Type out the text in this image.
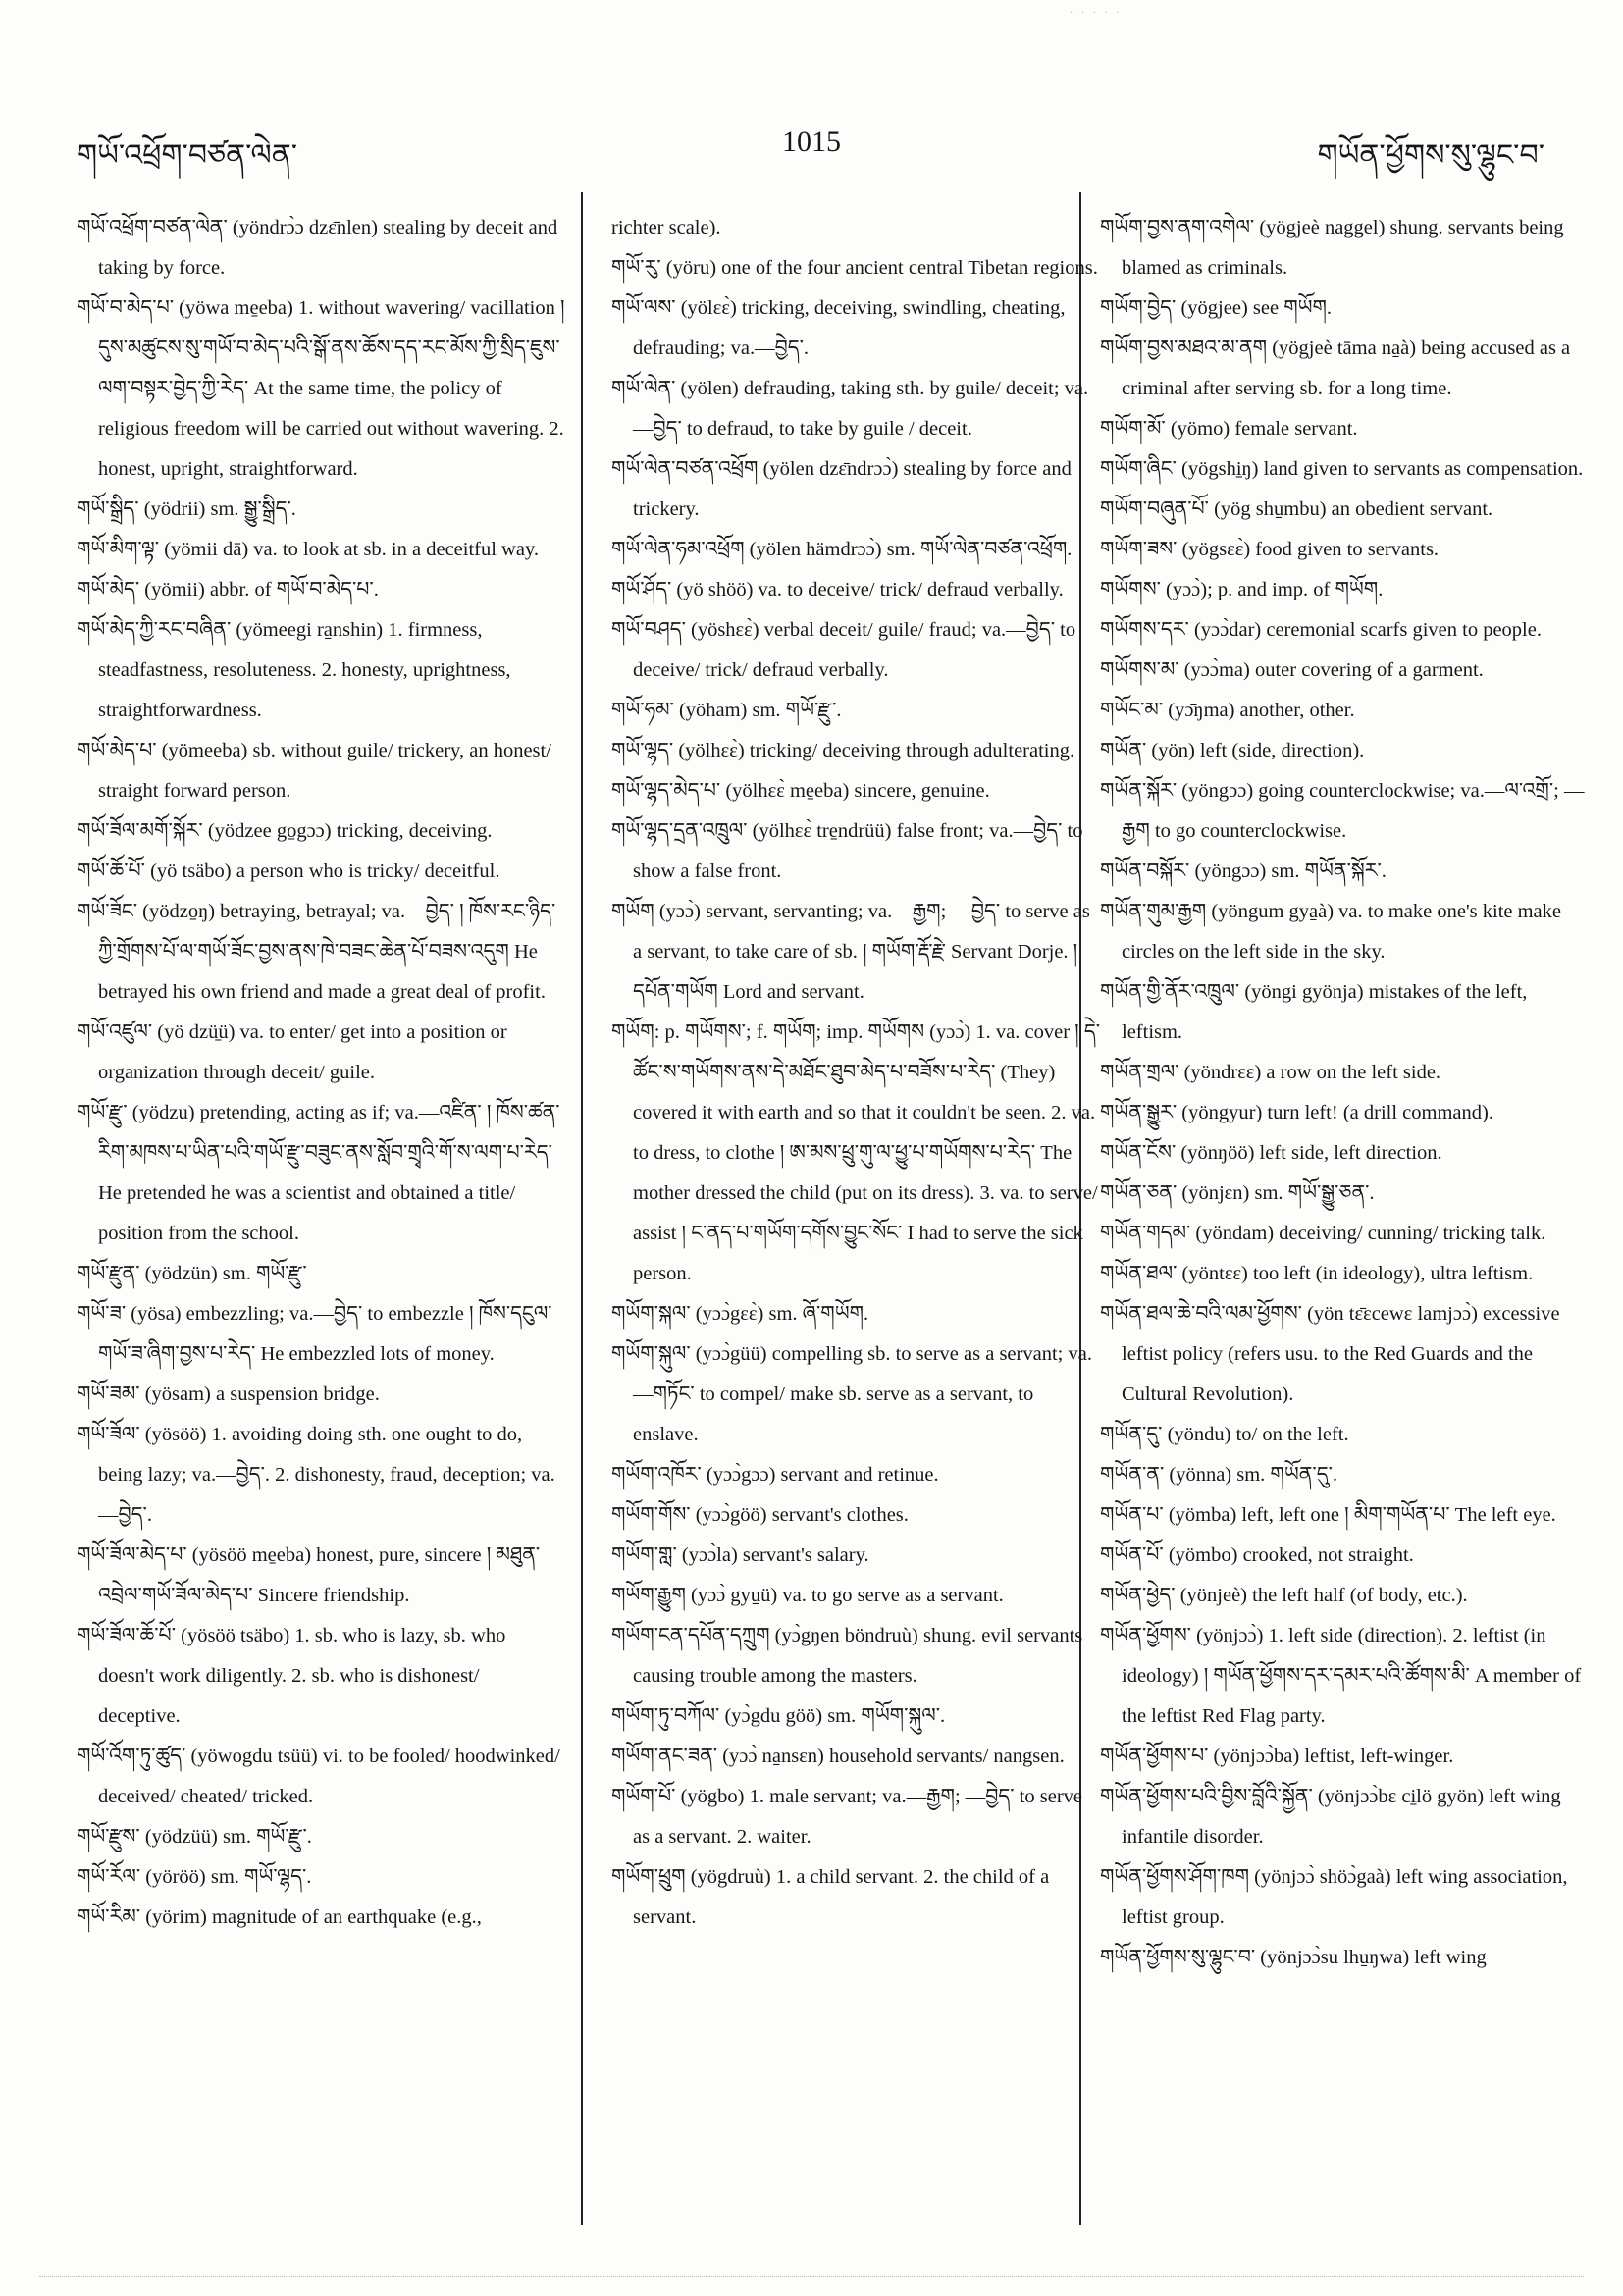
· · · · ·
གཡོ་འཕྲོག་བཙན་ལེན་	1015	གཡོན་ཕྱོགས་སུ་ལྷུང་བ་
གཡོ་འཕྲོག་བཙན་ལེན་ (yöndrɔ̀ɔ dzɛ̄nlen) stealing by deceit and taking by force.
གཡོ་བ་མེད་པ་ (yöwa me̱eba) 1. without wavering/ vacillation ། དུས་མཚུངས་སུ་གཡོ་བ་མེད་པའི་སྒོ་ནས་ཆོས་དད་རང་མོས་ཀྱི་སྲིད་ཇུས་ལག་བསྟར་བྱེད་ཀྱི་རེད་ At the same time, the policy of religious freedom will be carried out without wavering. 2. honest, upright, straightforward.
གཡོ་སྒྲིད་ (yödrii) sm. སྒྱུ་སྒྲིད་.
གཡོ་མིག་ལྟ་ (yömii dā) va. to look at sb. in a deceitful way.
གཡོ་མེད་ (yömii) abbr. of གཡོ་བ་མེད་པ་.
གཡོ་མེད་ཀྱི་རང་བཞིན་ (yömeegi ra̱nshin) 1. firmness, steadfastness, resoluteness. 2. honesty, uprightness, straightforwardness.
གཡོ་མེད་པ་ (yömeeba) sb. without guile/ trickery, an honest/ straight forward person.
གཡོ་ཟོལ་མགོ་སྐོར་ (yödzee go̱gɔɔ) tricking, deceiving.
གཡོ་ཆོ་པོ་ (yö tsäbo) a person who is tricky/ deceitful.
གཡོ་ཟོང་ (yödzo̱ŋ) betraying, betrayal; va.—བྱེད་ ། ཁོས་རང་ཉིད་ཀྱི་གྲོགས་པོ་ལ་གཡོ་ཟོང་བྱས་ནས་ཁེ་བཟང་ཆེན་པོ་བཟས་འདུག He betrayed his own friend and made a great deal of profit.
གཡོ་འཛུལ་ (yö dzü̱ü) va. to enter/ get into a position or organization through deceit/ guile.
གཡོ་རྫུ་ (yödzu) pretending, acting as if; va.—འཛིན་ ། ཁོས་ཚན་རིག་མཁས་པ་ཡིན་པའི་གཡོ་རྫུ་བཟུང་ནས་སློབ་གྲྭའི་གོ་ས་ལག་པ་རེད་ He pretended he was a scientist and obtained a title/ position from the school.
གཡོ་རྫུན་ (yödzün) sm. གཡོ་རྫུ་
གཡོ་ཟ་ (yösa) embezzling; va.—བྱེད་ to embezzle ། ཁོས་དངུལ་གཡོ་ཟ་ཞིག་བྱས་པ་རེད་ He embezzled lots of money.
གཡོ་ཟམ་ (yösam) a suspension bridge.
གཡོ་ཟོལ་ (yösöö) 1. avoiding doing sth. one ought to do, being lazy; va.—བྱེད་. 2. dishonesty, fraud, deception; va.—བྱེད་.
གཡོ་ཟོལ་མེད་པ་ (yösöö me̱eba) honest, pure, sincere ། མཐུན་འབྲེལ་གཡོ་ཟོལ་མེད་པ་ Sincere friendship.
གཡོ་ཟོལ་ཆོ་པོ་ (yösöö tsäbo) 1. sb. who is lazy, sb. who doesn't work diligently. 2. sb. who is dishonest/ deceptive.
གཡོ་འོག་ཏུ་ཚུད་ (yöwogdu tsüü) vi. to be fooled/ hoodwinked/ deceived/ cheated/ tricked.
གཡོ་རྫུས་ (yödzüü) sm. གཡོ་རྫུ་.
གཡོ་རོལ་ (yöröö) sm. གཡོ་ལྷད་.
གཡོ་རིམ་ (yörim) magnitude of an earthquake (e.g.,
richter scale).
གཡོ་རུ་ (yöru) one of the four ancient central Tibetan regions.
གཡོ་ལས་ (yölɛɛ̀) tricking, deceiving, swindling, cheating, defrauding; va.—བྱེད་.
གཡོ་ལེན་ (yölen) defrauding, taking sth. by guile/ deceit; va.—བྱེད་ to defraud, to take by guile / deceit.
གཡོ་ལེན་བཙན་འཕྲོག (yölen dzɛ̄ndrɔɔ̀) stealing by force and trickery.
གཡོ་ལེན་ཧམ་འཕྲོག (yölen hämdrɔɔ̀) sm. གཡོ་ལེན་བཙན་འཕྲོག.
གཡོ་ཤོད་ (yö shöö) va. to deceive/ trick/ defraud verbally.
གཡོ་བཤད་ (yöshɛɛ̀) verbal deceit/ guile/ fraud; va.—བྱེད་ to deceive/ trick/ defraud verbally.
གཡོ་ཧམ་ (yöham) sm. གཡོ་རྫུ་.
གཡོ་ལྷད་ (yölhɛɛ̀) tricking/ deceiving through adulterating.
གཡོ་ལྷད་མེད་པ་ (yölhɛɛ̀ me̱eba) sincere, genuine.
གཡོ་ལྷད་དྲན་འཁྲུལ་ (yölhɛɛ̀ tre̱ndrüü) false front; va.—བྱེད་ to show a false front.
གཡོག (yɔɔ̀) servant, servanting; va.—རྒྱག; —བྱེད་ to serve as a servant, to take care of sb. ། གཡོག་རྡོ་རྗེ་ Servant Dorje. ། དཔོན་གཡོག Lord and servant.
གཡོག: p. གཡོགས་; f. གཡོག; imp. གཡོགས (yɔɔ̀) 1. va. cover ། དེ་ཚོང་ས་གཡོགས་ནས་དེ་མཐོང་ཐུབ་མེད་པ་བཟོས་པ་རེད་ (They) covered it with earth and so that it couldn't be seen. 2. va. to dress, to clothe ། ཨ་མས་ཕྲུ་གུ་ལ་ཕྱུ་པ་གཡོགས་པ་རེད་ The mother dressed the child (put on its dress). 3. va. to serve/ assist ། ང་ནད་པ་གཡོག་དགོས་བྱུང་སོང་ I had to serve the sick person.
གཡོག་སྐལ་ (yɔɔ̀gɛɛ̀) sm. ཞོ་གཡོག.
གཡོག་སྐུལ་ (yɔɔ̀güü) compelling sb. to serve as a servant; va.—གཏོང་ to compel/ make sb. serve as a servant, to enslave.
གཡོག་འཁོར་ (yɔɔ̀gɔɔ) servant and retinue.
གཡོག་གོས་ (yɔɔ̀göö) servant's clothes.
གཡོག་གླ་ (yɔɔ̀la) servant's salary.
གཡོག་རྒྱུག (yɔɔ̀ gyu̱ü) va. to go serve as a servant.
གཡོག་ངན་དཔོན་དཀྲུག (yɔ̀gŋen böndruù) shung. evil servants causing trouble among the masters.
གཡོག་ཏུ་བཀོལ་ (yɔ̀gdu göö) sm. གཡོག་སྐུལ་.
གཡོག་ནང་ཟན་ (yɔɔ̀ na̱nsɛn) household servants/ nangsen.
གཡོག་པོ་ (yögbo) 1. male servant; va.—རྒྱག; —བྱེད་ to serve as a servant. 2. waiter.
གཡོག་ཕྲུག (yögdruù) 1. a child servant. 2. the child of a servant.
གཡོག་བྱས་ནག་འགེལ་ (yögjeè naggel) shung. servants being blamed as criminals.
གཡོག་བྱེད་ (yögjee) see གཡོག.
གཡོག་བྱས་མཐའ་མ་ནག (yögjeè tāma na̱à) being accused as a criminal after serving sb. for a long time.
གཡོག་མོ་ (yömo) female servant.
གཡོག་ཞིང་ (yögshi̱ŋ) land given to servants as compensation.
གཡོག་བཞུན་པོ་ (yög shu̱mbu) an obedient servant.
གཡོག་ཟས་ (yögsɛɛ̀) food given to servants.
གཡོགས་ (yɔɔ̀); p. and imp. of གཡོག.
གཡོགས་དར་ (yɔɔ̀dar) ceremonial scarfs given to people.
གཡོགས་མ་ (yɔɔ̀ma) outer covering of a garment.
གཡོང་མ་ (yɔ̄ŋma) another, other.
གཡོན་ (yön) left (side, direction).
གཡོན་སྐོར་ (yöngɔɔ) going counterclockwise; va.—ལ་འགྲོ་; —རྒྱག to go counterclockwise.
གཡོན་བསྐོར་ (yöngɔɔ) sm. གཡོན་སྐོར་.
གཡོན་གུམ་རྒྱག (yöngum gya̱à) va. to make one's kite make circles on the left side in the sky.
གཡོན་གྱི་ནོར་འཁྲུལ་ (yöngi gyönja) mistakes of the left, leftism.
གཡོན་གྲལ་ (yöndrɛɛ) a row on the left side.
གཡོན་སྒྱུར་ (yöngyur) turn left! (a drill command).
གཡོན་ངོས་ (yönŋöö) left side, left direction.
གཡོན་ཅན་ (yönjɛn) sm. གཡོ་སྒྱུ་ཅན་.
གཡོན་གདམ་ (yöndam) deceiving/ cunning/ tricking talk.
གཡོན་ཐལ་ (yöntɛɛ) too left (in ideology), ultra leftism.
གཡོན་ཐལ་ཆེ་བའི་ལམ་ཕྱོགས་ (yön tɛ̄ɛcewɛ lamjɔɔ̀) excessive leftist policy (refers usu. to the Red Guards and the Cultural Revolution).
གཡོན་དུ་ (yöndu) to/ on the left.
གཡོན་ན་ (yönna) sm. གཡོན་དུ་.
གཡོན་པ་ (yömba) left, left one ། མིག་གཡོན་པ་ The left eye.
གཡོན་པོ་ (yömbo) crooked, not straight.
གཡོན་ཕྱེད་ (yönjeè) the left half (of body, etc.).
གཡོན་ཕྱོགས་ (yönjɔɔ̀) 1. left side (direction). 2. leftist (in ideology) ། གཡོན་ཕྱོགས་དར་དམར་པའི་ཚོགས་མི་ A member of the leftist Red Flag party.
གཡོན་ཕྱོགས་པ་ (yönjɔɔ̀ba) leftist, left-winger.
གཡོན་ཕྱོགས་པའི་བྱིས་བློའི་སྐྱོན་ (yönjɔɔ̀bɛ ci̱lö gyön) left wing infantile disorder.
གཡོན་ཕྱོགས་ཤོག་ཁག (yönjɔɔ̀ shöɔ̀gaà) left wing association, leftist group.
གཡོན་ཕྱོགས་སུ་ལྷུང་བ་ (yönjɔɔ̀su lhu̱ŋwa) left wing
